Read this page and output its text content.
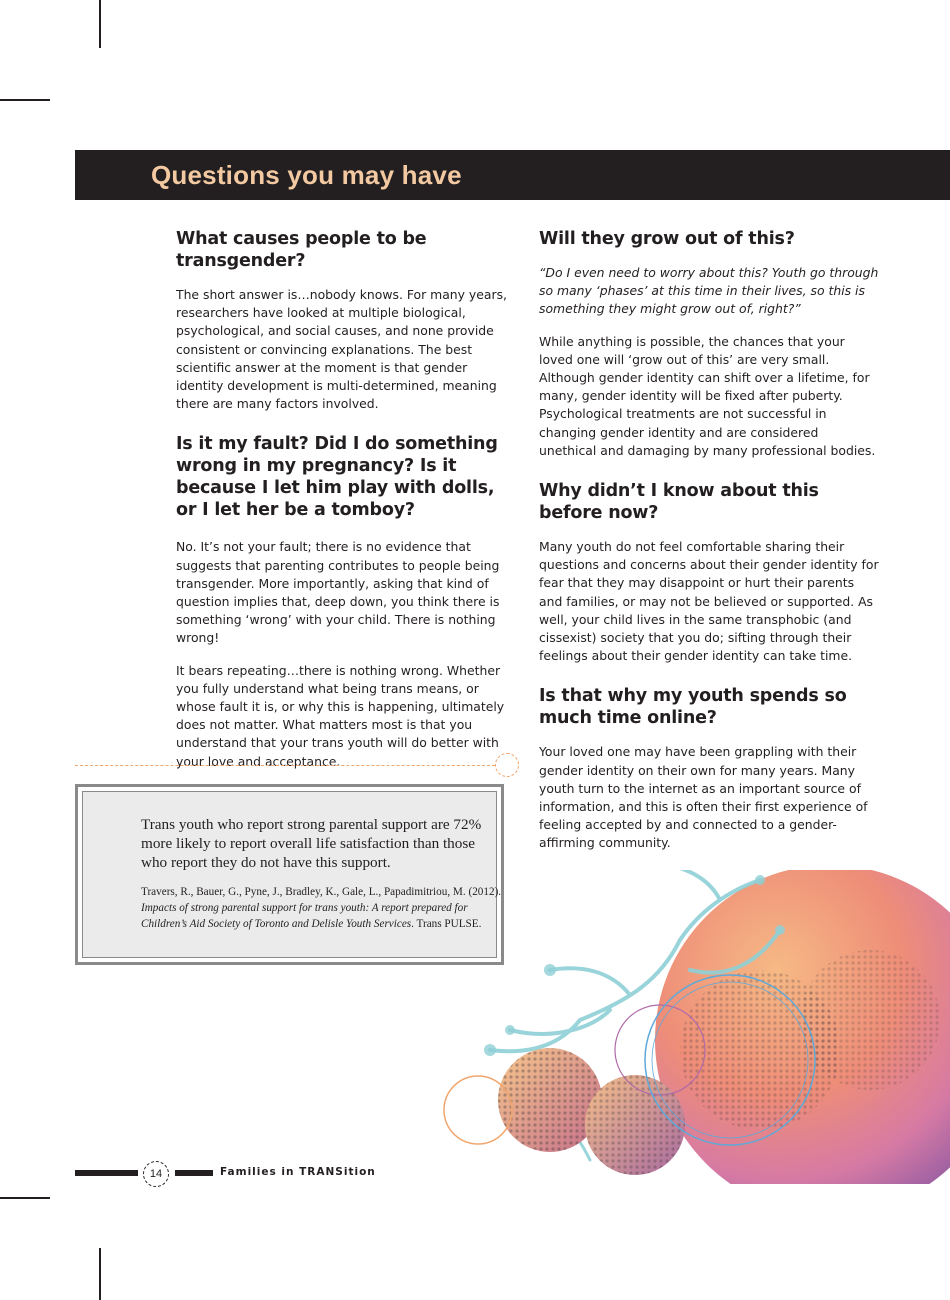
Questions you may have
What causes people to be transgender?

The short answer is…nobody knows. For many years, researchers have looked at multiple biological, psychological, and social causes, and none provide consistent or convincing explanations. The best scientific answer at the moment is that gender identity development is multi-determined, meaning there are many factors involved.

Is it my fault? Did I do something wrong in my pregnancy? Is it because I let him play with dolls, or I let her be a tomboy?

No. It’s not your fault; there is no evidence that suggests that parenting contributes to people being transgender. More importantly, asking that kind of question implies that, deep down, you think there is something ‘wrong’ with your child. There is nothing wrong!

It bears repeating…there is nothing wrong. Whether you fully understand what being trans means, or whose fault it is, or why this is happening, ultimately does not matter. What matters most is that you understand that your trans youth will do better with your love and acceptance.

Will they grow out of this?

“Do I even need to worry about this? Youth go through so many ‘phases’ at this time in their lives, so this is something they might grow out of, right?”

While anything is possible, the chances that your loved one will ‘grow out of this’ are very small. Although gender identity can shift over a lifetime, for many, gender identity will be fixed after puberty. Psychological treatments are not successful in changing gender identity and are considered unethical and damaging by many professional bodies.

Why didn’t I know about this before now?

Many youth do not feel comfortable sharing their questions and concerns about their gender identity for fear that they may disappoint or hurt their parents and families, or may not be believed or supported. As well, your child lives in the same transphobic (and cissexist) society that you do; sifting through their feelings about their gender identity can take time.

Is that why my youth spends so much time online?

Your loved one may have been grappling with their gender identity on their own for many years. Many youth turn to the internet as an important source of information, and this is often their first experience of feeling accepted by and connected to a gender-affirming community.

Trans youth who report strong parental support are 72% more likely to report overall life satisfaction than those who report they do not have this support.

Travers, R., Bauer, G., Pyne, J., Bradley, K., Gale, L., Papadimitriou, M. (2012). Impacts of strong parental support for trans youth: A report prepared for Children’s Aid Society of Toronto and Delisle Youth Services. Trans PULSE.

14	Families in TRANSition
